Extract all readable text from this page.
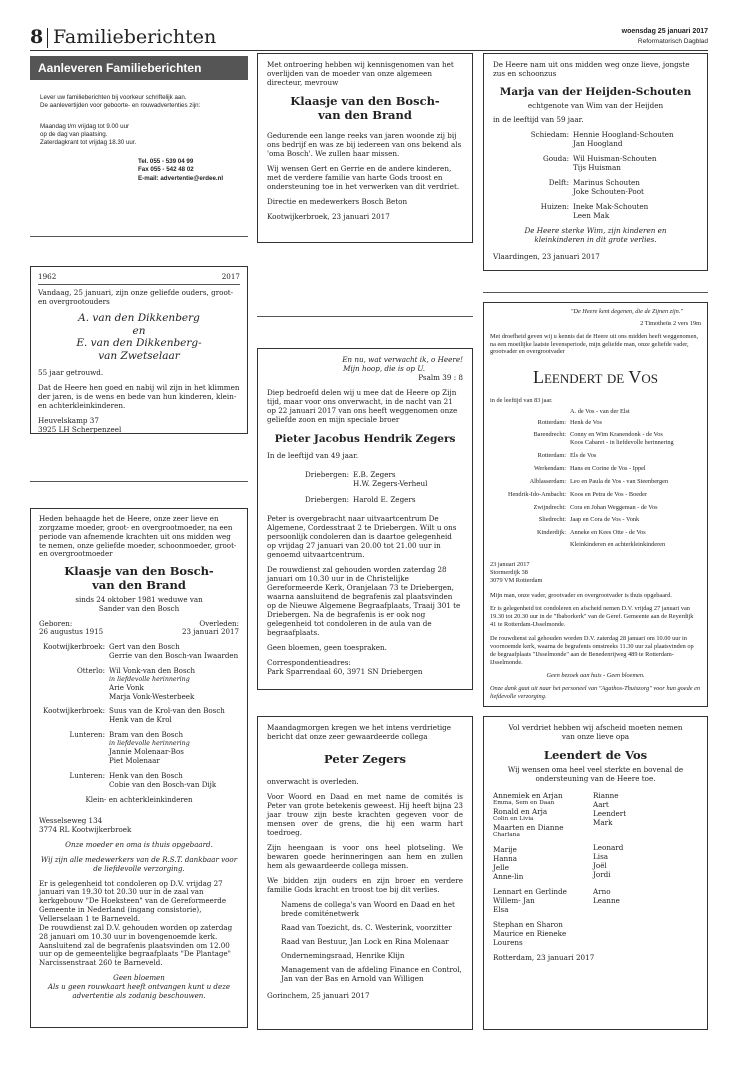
8 Familieberichten	woensdag 25 januari 2017
Reformatorisch Dagblad
Aanleveren Familieberichten

Lever uw familieberichten bij voorkeur schriftelijk aan.

De aanlevertijden voor geboorte- en rouwadvertenties zijn:

Maandag t/m vrijdag tot 9.00 uur

op de dag van plaatsing.

Zaterdagkrant tot vrijdag 18.30 uur.

Tel. 055 - 539 04 99

Fax 055 - 542 48 02

E-mail: advertentie@erdee.nl

1962	2017

Vandaag, 25 januari, zijn onze geliefde ouders, groot- en overgrootouders

A. van den Dikkenberg

en

E. van den Dikkenberg-

van Zwetselaar

55 jaar getrouwd.

Dat de Heere hen goed en nabij wil zijn in het klimmen der jaren, is de wens en bede van hun kinderen, klein- en achterkleinkinderen.

Heuvelskamp 37

3925 LH Scherpenzeel

Heden behaagde het de Heere, onze zeer lieve en zorgzame moeder, groot- en overgrootmoeder, na een periode van afnemende krachten uit ons midden weg te nemen, onze geliefde moeder, schoonmoeder, groot- en overgrootmoeder

Klaasje van den Bosch-

van den Brand

sinds 24 oktober 1981 weduwe van

Sander van den Bosch

Geboren:

26 augustus 1915

Overleden:

23 januari 2017

Kootwijkerbroek: Gert van den Bosch

Gerrie van den Bosch-van Iwaarden

Otterlo: Wil Vonk-van den Bosch

in liefdevolle herinnering

Arie Vonk

Marja Vonk-Westerbeek

Kootwijkerbroek: Suus van de Krol-van den Bosch

Henk van de Krol

Lunteren: Bram van den Bosch

in liefdevolle herinnering

Jannie Molenaar-Bos

Piet Molenaar

Lunteren: Henk van den Bosch

Cobie van den Bosch-van Dijk

Klein- en achterkleinkinderen

Wesselseweg 134

3774 RL Kootwijkerbroek

Onze moeder en oma is thuis opgebaard.

Wij zijn alle medewerkers van de R.S.T. dankbaar voor de liefdevolle verzorging.

Er is gelegenheid tot condoleren op D.V. vrijdag 27 januari van 19.30 tot 20.30 uur in de zaal van kerkgebouw "De Hoeksteen" van de Gereformeerde Gemeente in Nederland (ingang consistorie), Vellerselaan 1 te Barneveld.

De rouwdienst zal D.V. gehouden worden op zaterdag 28 januari om 10.30 uur in bovengenoemde kerk.

Aansluitend zal de begrafenis plaatsvinden om 12.00 uur op de gemeentelijke begraafplaats "De Plantage" Narcissenstraat 260 te Barneveld.

Geen bloemen

Als u geen rouwkaart heeft ontvangen kunt u deze advertentie als zodanig beschouwen.

Met ontroering hebben wij kennisgenomen van het overlijden van de moeder van onze algemeen directeur, mevrouw

Klaasje van den Bosch-

van den Brand

Gedurende een lange reeks van jaren woonde zij bij ons bedrijf en was ze bij iedereen van ons bekend als 'oma Bosch'. We zullen haar missen.

Wij wensen Gert en Gerrie en de andere kinderen, met de verdere familie van harte Gods troost en ondersteuning toe in het verwerken van dit verdriet.

Directie en medewerkers Bosch Beton

Kootwijkerbroek, 23 januari 2017

En nu, wat verwacht ik, o Heere!

Mijn hoop, die is op U.

Psalm 39 : 8

Diep bedroefd delen wij u mee dat de Heere op Zijn tijd, maar voor ons onverwacht, in de nacht van 21 op 22 januari 2017 van ons heeft weggenomen onze geliefde zoon en mijn speciale broer

Pieter Jacobus Hendrik Zegers

In de leeftijd van 49 jaar.

Driebergen: E.B. Zegers

H.W. Zegers-Verheul

Driebergen: Harold E. Zegers

Peter is overgebracht naar uitvaartcentrum De Algemene, Cordesstraat 2 te Driebergen. Wilt u ons persoonlijk condoleren dan is daartoe gelegenheid op vrijdag 27 januari van 20.00 tot 21.00 uur in genoemd uitvaartcentrum.

De rouwdienst zal gehouden worden zaterdag 28 januari om 10.30 uur in de Christelijke Gereformeerde Kerk, Oranjelaan 73 te Driebergen, waarna aansluitend de begrafenis zal plaatsvinden op de Nieuwe Algemene Begraafplaats, Traaij 301 te Driebergen. Na de begrafenis is er ook nog gelegenheid tot condoleren in de aula van de begraafplaats.

Geen bloemen, geen toespraken.

Correspondentieadres:

Park Sparrendaal 60, 3971 SN Driebergen

Maandagmorgen kregen we het intens verdrietige bericht dat onze zeer gewaardeerde collega

Peter Zegers

onverwacht is overleden.

Voor Woord en Daad en met name de comités is Peter van grote betekenis geweest. Hij heeft bijna 23 jaar trouw zijn beste krachten gegeven voor de mensen over de grens, die hij een warm hart toedroeg.

Zijn heengaan is voor ons heel plotseling. We bewaren goede herinneringen aan hem en zullen hem als gewaardeerde collega missen.

We bidden zijn ouders en zijn broer en verdere familie Gods kracht en troost toe bij dit verlies.

Namens de collega's van Woord en Daad en het brede comiténetwerk

Raad van Toezicht, ds. C. Westerink, voorzitter

Raad van Bestuur, Jan Lock en Rina Molenaar

Ondernemingsraad, Henrike Klijn

Management van de afdeling Finance en Control, Jan van der Bas en Arnold van Willigen

Gorinchem, 25 januari 2017

De Heere nam uit ons midden weg onze lieve, jongste zus en schoonzus

Marja van der Heijden-Schouten

echtgenote van Wim van der Heijden

in de leeftijd van 59 jaar.

Schiedam: Hennie Hoogland-Schouten

Jan Hoogland

Gouda: Wil Huisman-Schouten

Tijs Huisman

Delft: Marinus Schouten

Joke Schouten-Poot

Huizen: Ineke Mak-Schouten

Leen Mak

De Heere sterke Wim, zijn kinderen en kleinkinderen in dit grote verlies.

Vlaardingen, 23 januari 2017

"De Heere kent degenen, die de Zijnen zijn."

2 Timotheüs 2 vers 19m

Met droefheid geven wij u kennis dat de Heere uit ons midden heeft weggenomen, na een moeilijke laatste levensperiode, mijn geliefde man, onze geliefde vader, grootvader en overgrootvader

Leendert de Vos

in de leeftijd van 83 jaar.

A. de Vos - van der Elst

Rotterdam: Henk de Vos

Barendrecht: Conny en Wim Kranendonk - de Vos

Koos Cabaret - in liefdevolle herinnering

Rotterdam: Els de Vos

Werkendam: Hans en Corine de Vos - Ippel

Alblasserdam: Leo en Paula de Vos - van Steenbergen

Hendrik-Ido-Ambacht: Koos en Petra de Vos - Boeder

Zwijndrecht: Cora en Johan Weggeman - de Vos

Sliedrecht: Jaap en Cora de Vos - Vonk

Kinderdijk: Anneke en Kees Otte - de Vos

Kleinkinderen en achterkleinkinderen

23 januari 2017

Stormerdijk 38

3079 VM Rotterdam

Mijn man, onze vader, grootvader en overgrootvader is thuis opgebaard.

Er is gelegenheid tot condoleren en afscheid nemen D.V. vrijdag 27 januari van 19.30 tot 20.30 uur in de "Ibaborkerk" van de Geref. Gemeente aan de Reyerdijk 41 te Rotterdam-IJsselmonde.

De rouwdienst zal gehouden worden D.V. zaterdag 28 januari om 10.00 uur in voornoemde kerk, waarna de begrafenis omstreeks 11.30 uur zal plaatsvinden op de begraafplaats "IJsselmonde" aan de Benedenrijweg 489 te Rotterdam-IJsselmonde.

Geen bezoek aan huis - Geen bloemen.

Onze dank gaat uit naar het personeel van "Agathos-Thuiszorg" voor hun goede en liefdevolle verzorging.

Vol verdriet hebben wij afscheid moeten nemen van onze lieve opa

Leendert de Vos

Wij wensen oma heel veel sterkte en bovenal de ondersteuning van de Heere toe.

Annemiek en Arjan

Emma, Sem en Daan

Ronald en Arja

Colin en Livia

Maarten en Dianne

Charlana

Marije

Hanna

Jelle

Anne-lin

Lennart en Gerlinde

Willem- Jan

Elsa

Stephan en Sharon

Maurice en Rieneke

Lourens

Rianne

Aart

Leendert

Mark

Leonard

Lisa

Joël

Jordi

Arno

Leanne

Rotterdam, 23 januari 2017
